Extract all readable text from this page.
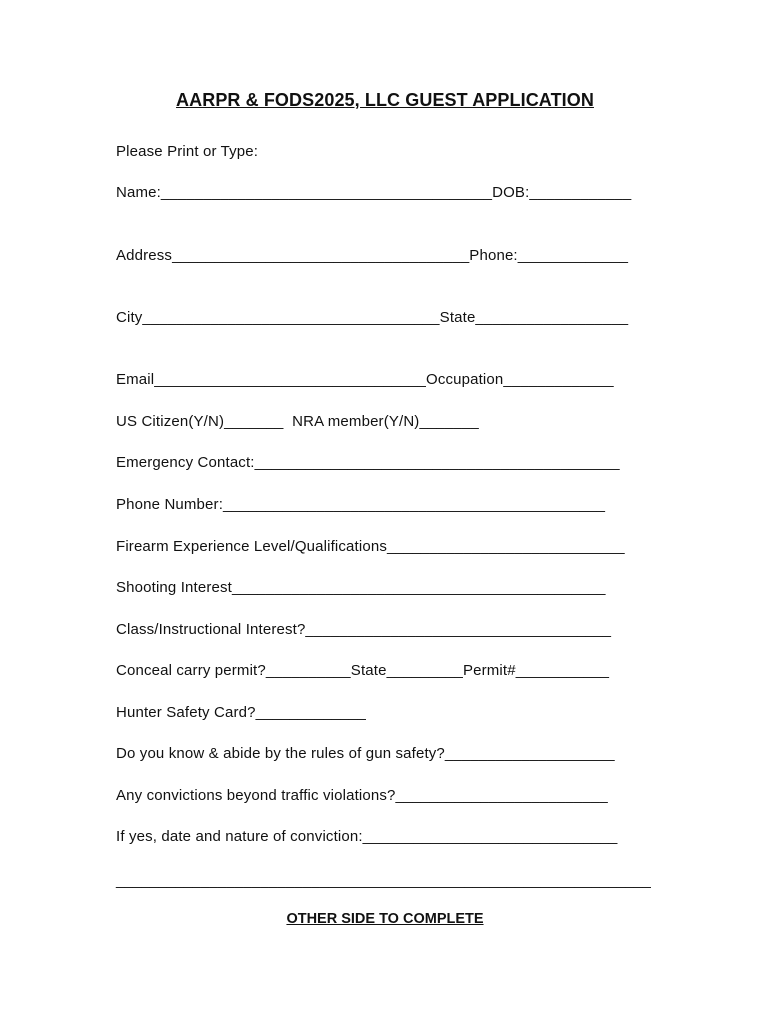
AARPR & FODS2025, LLC GUEST APPLICATION
Please Print or Type:
Name:_______________________________________DOB:____________
Address___________________________________Phone:_____________
City___________________________________State__________________
Email________________________________Occupation_____________
US Citizen(Y/N)_______  NRA member(Y/N)_______
Emergency Contact:___________________________________________
Phone Number:_____________________________________________
Firearm Experience Level/Qualifications____________________________
Shooting Interest____________________________________________
Class/Instructional Interest?____________________________________
Conceal carry permit?__________State_________Permit#___________
Hunter Safety Card?_____________
Do you know & abide by the rules of gun safety?____________________
Any convictions beyond traffic violations?_________________________
If yes, date and nature of conviction:______________________________
_______________________________________________________________
OTHER SIDE TO COMPLETE
